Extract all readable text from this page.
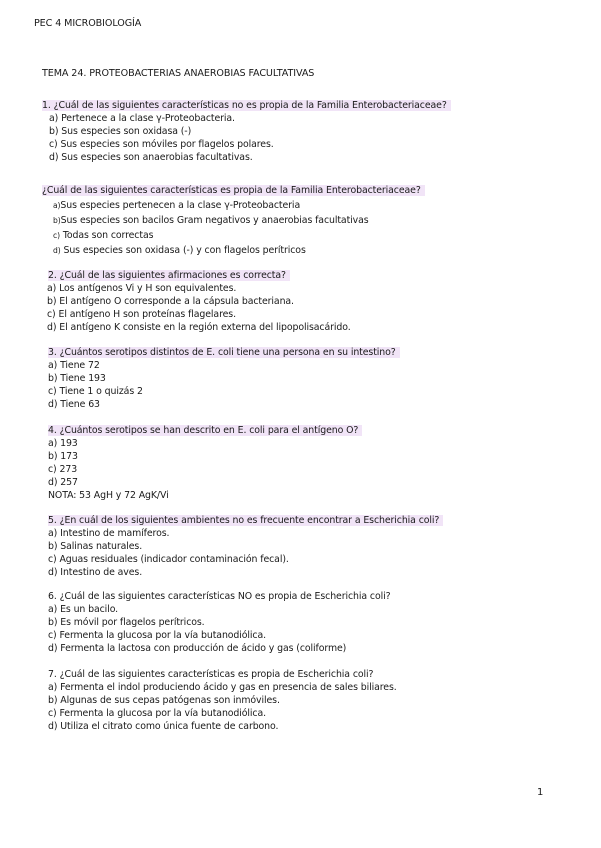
PEC 4 MICROBIOLOGÍA
TEMA 24. PROTEOBACTERIAS ANAEROBIAS FACULTATIVAS
1. ¿Cuál de las siguientes características no es propia de la Familia Enterobacteriaceae?
a) Pertenece a la clase γ-Proteobacteria.
b) Sus especies son oxidasa (-)
c) Sus especies son móviles por flagelos polares.
d) Sus especies son anaerobias facultativas.
¿Cuál de las siguientes características es propia de la Familia Enterobacteriaceae?
a)Sus especies pertenecen a la clase γ-Proteobacteria
b)Sus especies son bacilos Gram negativos y anaerobias facultativas
c) Todas son correctas
d) Sus especies son oxidasa (-) y con flagelos perítricos
2. ¿Cuál de las siguientes afirmaciones es correcta?
a) Los antígenos Vi y H son equivalentes.
b) El antígeno O corresponde a la cápsula bacteriana.
c) El antígeno H son proteínas flagelares.
d) El antígeno K consiste en la región externa del lipopolisacárido.
3. ¿Cuántos serotipos distintos de E. coli tiene una persona en su intestino?
a) Tiene 72
b) Tiene 193
c) Tiene 1 o quizás 2
d) Tiene 63
4. ¿Cuántos serotipos se han descrito en E. coli para el antígeno O?
a) 193
b) 173
c) 273
d) 257
NOTA: 53 AgH y 72 AgK/Vi
5. ¿En cuál de los siguientes ambientes no es frecuente encontrar a Escherichia coli?
a) Intestino de mamíferos.
b) Salinas naturales.
c) Aguas residuales (indicador contaminación fecal).
d) Intestino de aves.
6. ¿Cuál de las siguientes características NO es propia de Escherichia coli?
a) Es un bacilo.
b) Es móvil por flagelos perítricos.
c) Fermenta la glucosa por la vía butanodiólica.
d) Fermenta la lactosa con producción de ácido y gas (coliforme)
7. ¿Cuál de las siguientes características es propia de Escherichia coli?
a) Fermenta el indol produciendo ácido y gas en presencia de sales biliares.
b) Algunas de sus cepas patógenas son inmóviles.
c) Fermenta la glucosa por la vía butanodiólica.
d) Utiliza el citrato como única fuente de carbono.
1
